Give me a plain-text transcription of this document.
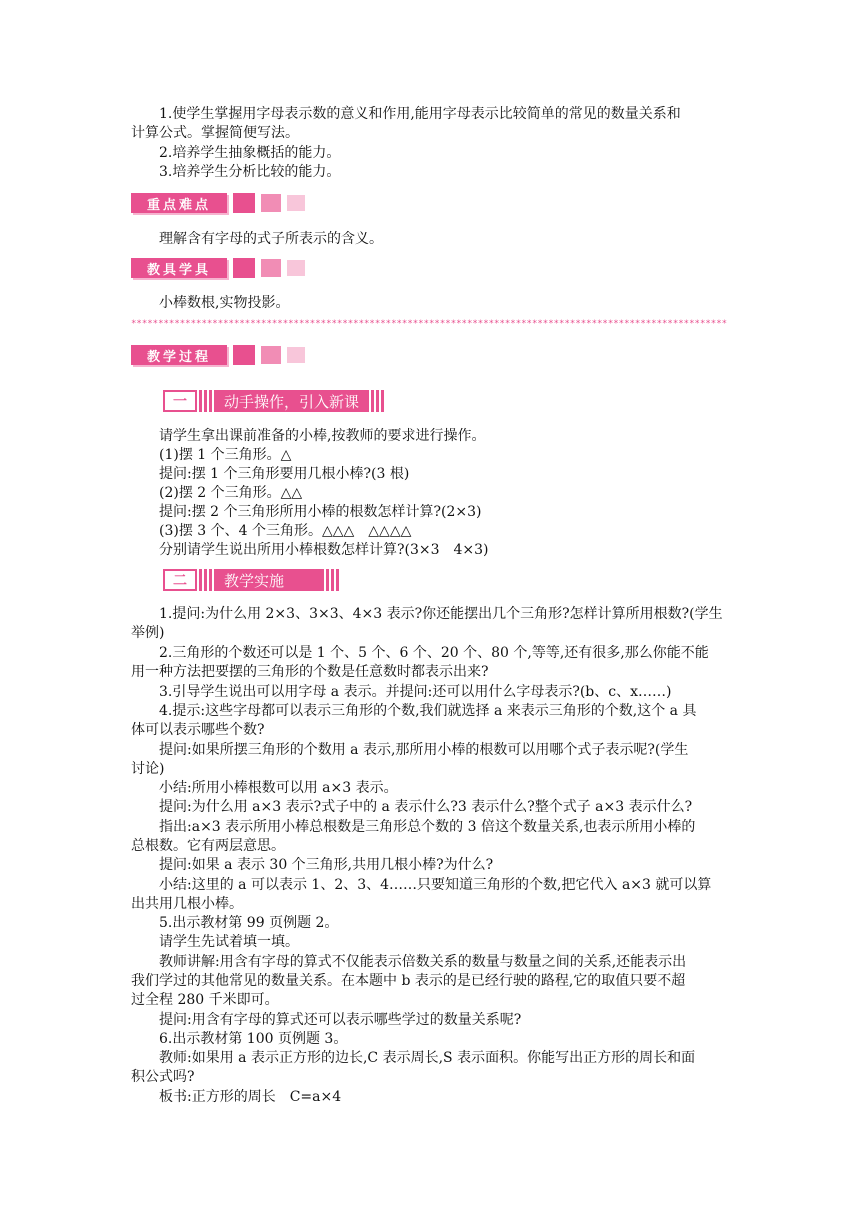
1.使学生掌握用字母表示数的意义和作用,能用字母表示比较简单的常见的数量关系和
计算公式。掌握简便写法。
2.培养学生抽象概括的能力。
3.培养学生分析比较的能力。
重点难点
理解含有字母的式子所表示的含义。
教具学具
小棒数根,实物投影。
**************************************************************************************************************
教学过程
一	动手操作，引入新课
请学生拿出课前准备的小棒,按教师的要求进行操作。
(1)摆 1 个三角形。△
提问:摆 1 个三角形要用几根小棒?(3 根)
(2)摆 2 个三角形。△△
提问:摆 2 个三角形所用小棒的根数怎样计算?(2×3)
(3)摆 3 个、4 个三角形。△△△　△△△△
分别请学生说出所用小棒根数怎样计算?(3×3　4×3)
二	教学实施
1.提问:为什么用 2×3、3×3、4×3 表示?你还能摆出几个三角形?怎样计算所用根数?(学生
举例)
2.三角形的个数还可以是 1 个、5 个、6 个、20 个、80 个,等等,还有很多,那么你能不能
用一种方法把要摆的三角形的个数是任意数时都表示出来?
3.引导学生说出可以用字母 a 表示。并提问:还可以用什么字母表示?(b、c、x……)
4.提示:这些字母都可以表示三角形的个数,我们就选择 a 来表示三角形的个数,这个 a 具
体可以表示哪些个数?
提问:如果所摆三角形的个数用 a 表示,那所用小棒的根数可以用哪个式子表示呢?(学生
讨论)
小结:所用小棒根数可以用 a×3 表示。
提问:为什么用 a×3 表示?式子中的 a 表示什么?3 表示什么?整个式子 a×3 表示什么?
指出:a×3 表示所用小棒总根数是三角形总个数的 3 倍这个数量关系,也表示所用小棒的
总根数。它有两层意思。
提问:如果 a 表示 30 个三角形,共用几根小棒?为什么?
小结:这里的 a 可以表示 1、2、3、4……只要知道三角形的个数,把它代入 a×3 就可以算
出共用几根小棒。
5.出示教材第 99 页例题 2。
请学生先试着填一填。
教师讲解:用含有字母的算式不仅能表示倍数关系的数量与数量之间的关系,还能表示出
我们学过的其他常见的数量关系。在本题中 b 表示的是已经行驶的路程,它的取值只要不超
过全程 280 千米即可。
提问:用含有字母的算式还可以表示哪些学过的数量关系呢?
6.出示教材第 100 页例题 3。
教师:如果用 a 表示正方形的边长,C 表示周长,S 表示面积。你能写出正方形的周长和面
积公式吗?
板书:正方形的周长　C=a×4
